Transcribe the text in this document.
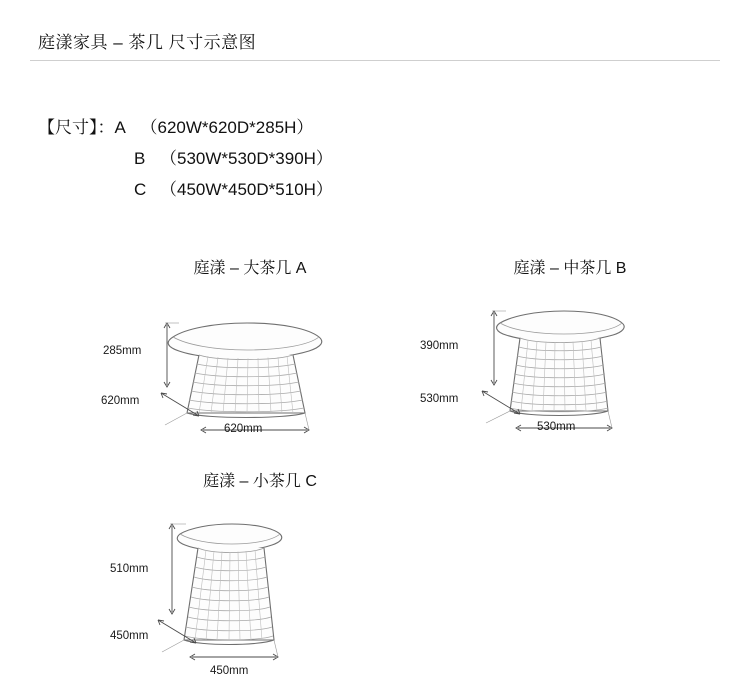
庭漾家具 – 茶几 尺寸示意图
【尺寸】：A （620W*620D*285H）
B （530W*530D*390H）
C （450W*450D*510H）
庭漾 – 大茶几 A
285mm
620mm
620mm
庭漾 – 中茶几 B
390mm
530mm
530mm
庭漾 – 小茶几 C
510mm
450mm
450mm
